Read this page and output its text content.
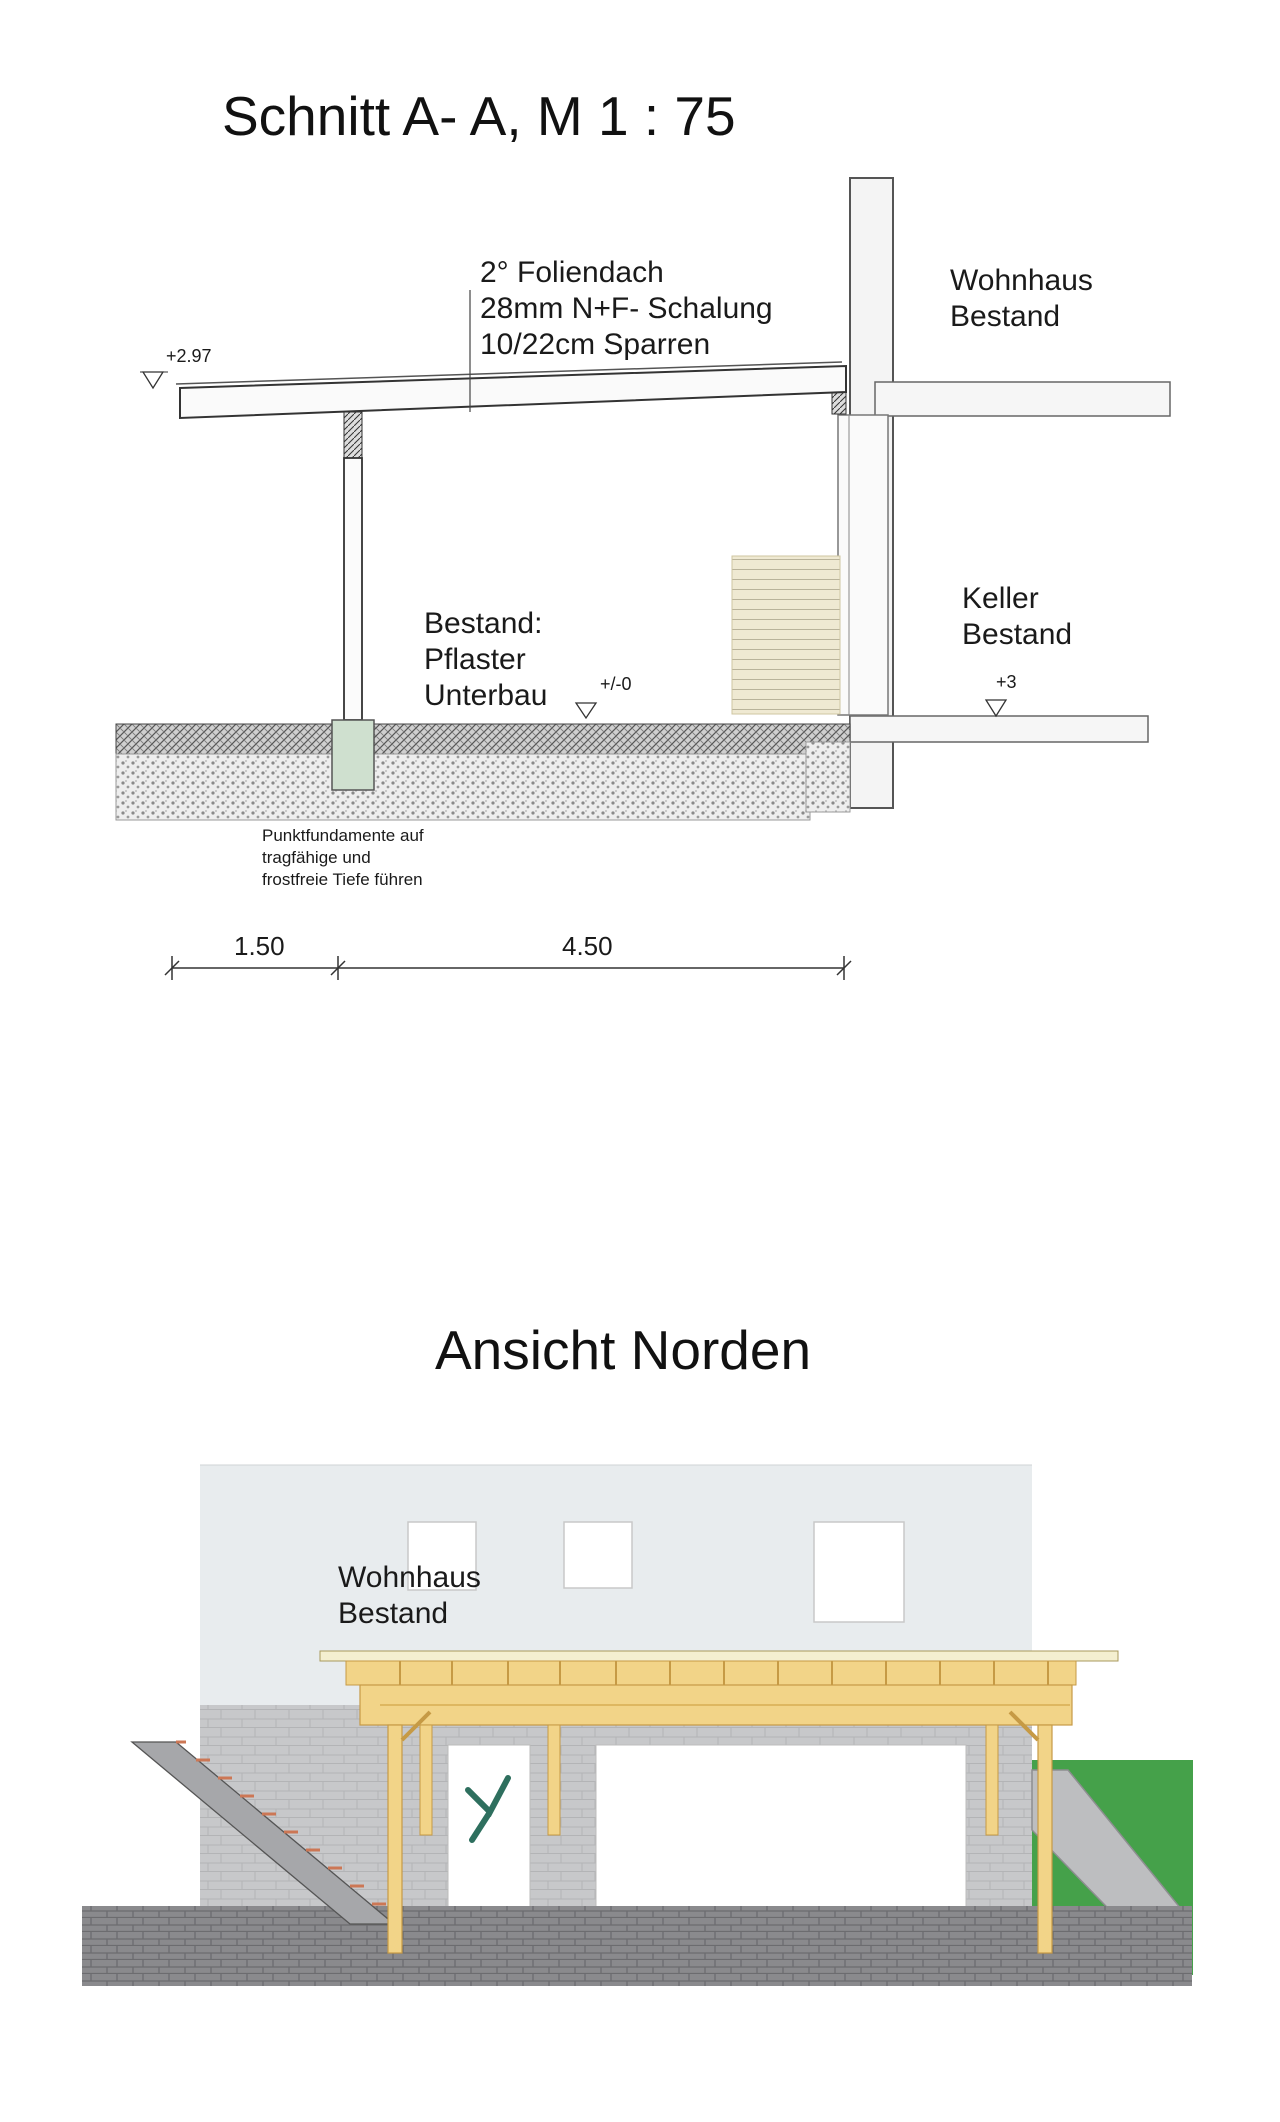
2° Foliendach
28mm N+F- Schalung
10/22cm Sparren
Wohnhaus
Bestand
Keller
Bestand
Bestand:
Pflaster
Unterbau
+2.97
+/-0	+3
Punktfundamente auf
tragfähige und
frostfreie Tiefe führen
1.50	4.50
Wohnhaus
Bestand
Schnitt A- A, M 1 : 75
Ansicht Norden
